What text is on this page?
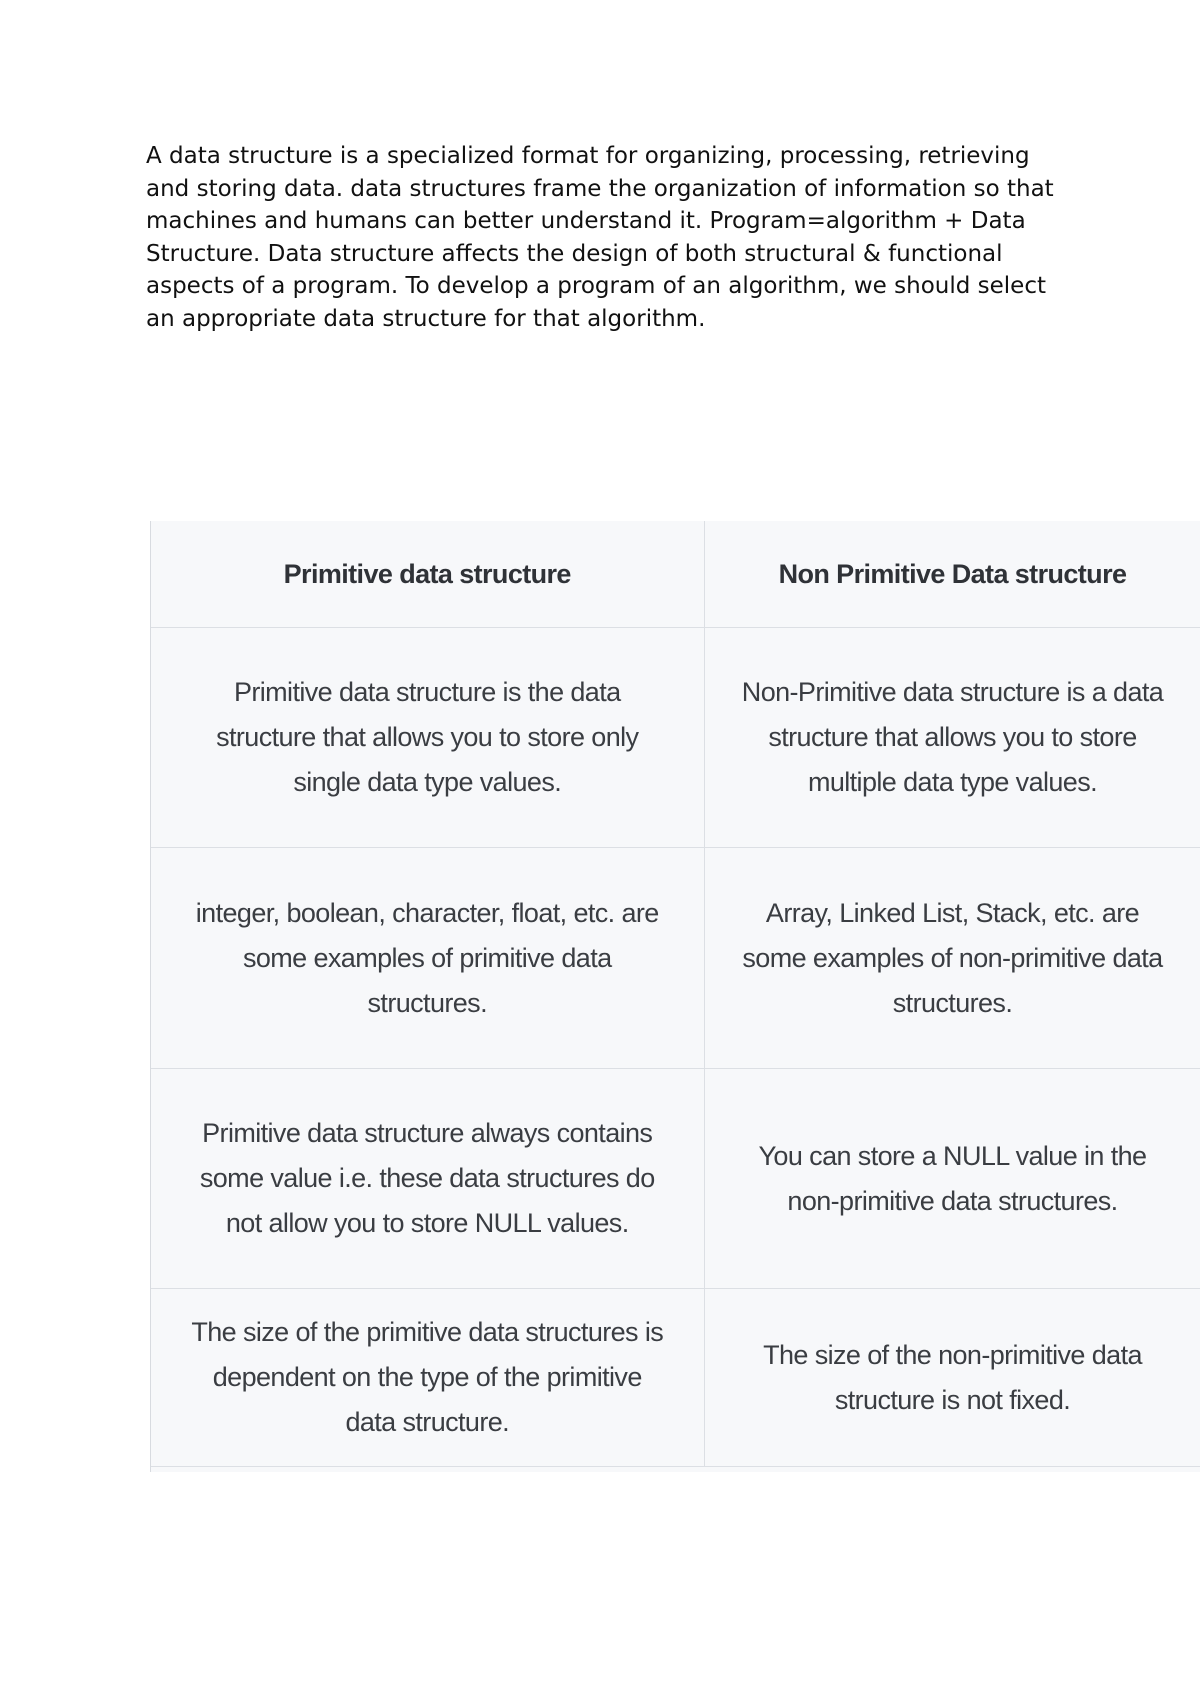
A data structure is a specialized format for organizing, processing, retrieving and storing data. data structures frame the organization of information so that machines and humans can better understand it. Program=algorithm + Data Structure. Data structure affects the design of both structural & functional aspects of a program. To develop a program of an algorithm, we should select an appropriate data structure for that algorithm.

Primitive data structure	Non Primitive Data structure
Primitive data structure is the data structure that allows you to store only single data type values.	Non-Primitive data structure is a data structure that allows you to store multiple data type values.
integer, boolean, character, float, etc. are some examples of primitive data structures.	Array, Linked List, Stack, etc. are some examples of non-primitive data structures.
Primitive data structure always contains some value i.e. these data structures do not allow you to store NULL values.	You can store a NULL value in the non-primitive data structures.
The size of the primitive data structures is dependent on the type of the primitive data structure.	The size of the non-primitive data structure is not fixed.
